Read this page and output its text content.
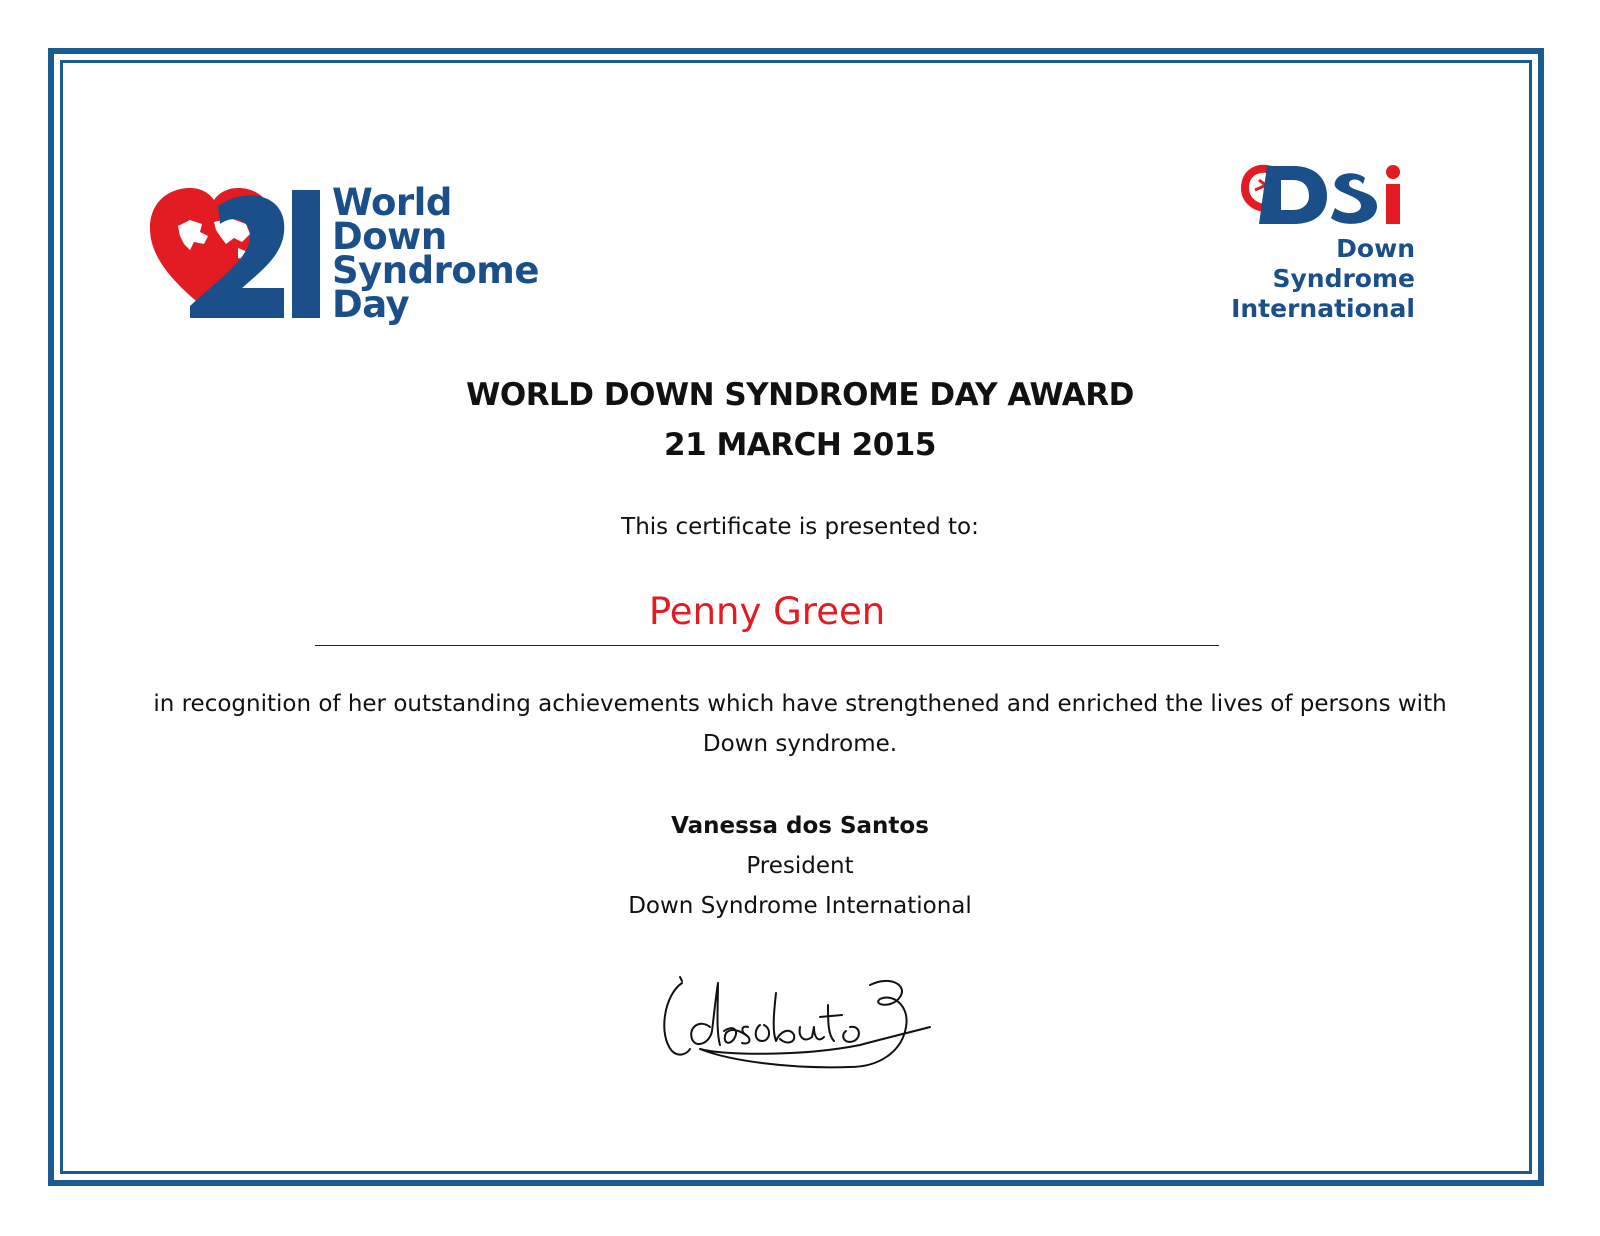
World
Down
Syndrome
Day
Down
Syndrome
International
WORLD DOWN SYNDROME DAY AWARD
21 MARCH 2015
This certificate is presented to:
Penny Green
in recognition of her outstanding achievements which have strengthened and enriched the lives of persons with Down syndrome.
Vanessa dos Santos
President
Down Syndrome International
